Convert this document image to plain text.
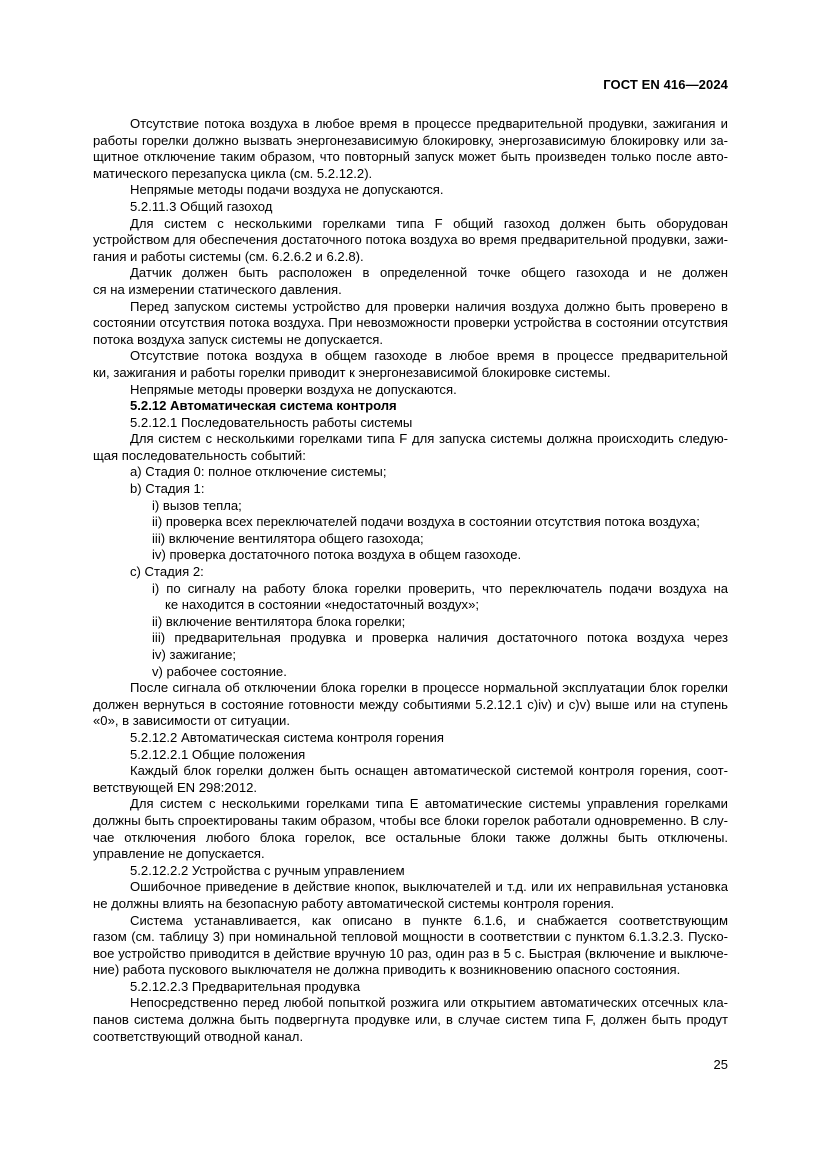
ГОСТ EN 416—2024
Отсутствие потока воздуха в любое время в процессе предварительной продувки, зажигания и
работы горелки должно вызвать энергонезависимую блокировку, энергозависимую блокировку или за-
щитное отключение таким образом, что повторный запуск может быть произведен только после авто-
матического перезапуска цикла (см. 5.2.12.2).
Непрямые методы подачи воздуха не допускаются.
5.2.11.3 Общий газоход
Для систем с несколькими горелками типа F общий газоход должен быть оборудован
устройством для обеспечения достаточного потока воздуха во время предварительной продувки, зажи-
гания и работы системы (см. 6.2.6.2 и 6.2.8).
Датчик должен быть расположен в определенной точке общего газохода и не должен
ся на измерении статического давления.
Перед запуском системы устройство для проверки наличия воздуха должно быть проверено в
состоянии отсутствия потока воздуха. При невозможности проверки устройства в состоянии отсутствия
потока воздуха запуск системы не допускается.
Отсутствие потока воздуха в общем газоходе в любое время в процессе предварительной
ки, зажигания и работы горелки приводит к энергонезависимой блокировке системы.
Непрямые методы проверки воздуха не допускаются.
5.2.12 Автоматическая система контроля
5.2.12.1 Последовательность работы системы
Для систем с несколькими горелками типа F для запуска системы должна происходить следую-
щая последовательность событий:
a) Стадия 0: полное отключение системы;
b) Стадия 1:
i) вызов тепла;
ii) проверка всех переключателей подачи воздуха в состоянии отсутствия потока воздуха;
iii) включение вентилятора общего газохода;
iv) проверка достаточного потока воздуха в общем газоходе.
c) Стадия 2:
i) по сигналу на работу блока горелки проверить, что переключатель подачи воздуха на
ке находится в состоянии «недостаточный воздух»;
ii) включение вентилятора блока горелки;
iii) предварительная продувка и проверка наличия достаточного потока воздуха через
iv) зажигание;
v) рабочее состояние.
После сигнала об отключении блока горелки в процессе нормальной эксплуатации блок горелки
должен вернуться в состояние готовности между событиями 5.2.12.1 c)iv) и c)v) выше или на ступень
«0», в зависимости от ситуации.
5.2.12.2 Автоматическая система контроля горения
5.2.12.2.1 Общие положения
Каждый блок горелки должен быть оснащен автоматической системой контроля горения, соот-
ветствующей EN 298:2012.
Для систем с несколькими горелками типа E автоматические системы управления горелками
должны быть спроектированы таким образом, чтобы все блоки горелок работали одновременно. В слу-
чае отключения любого блока горелок, все остальные блоки также должны быть отключены.
управление не допускается.
5.2.12.2.2 Устройства с ручным управлением
Ошибочное приведение в действие кнопок, выключателей и т.д. или их неправильная установка
не должны влиять на безопасную работу автоматической системы контроля горения.
Система устанавливается, как описано в пункте 6.1.6, и снабжается соответствующим
газом (см. таблицу 3) при номинальной тепловой мощности в соответствии с пунктом 6.1.3.2.3. Пуско-
вое устройство приводится в действие вручную 10 раз, один раз в 5 с. Быстрая (включение и выключе-
ние) работа пускового выключателя не должна приводить к возникновению опасного состояния.
5.2.12.2.3 Предварительная продувка
Непосредственно перед любой попыткой розжига или открытием автоматических отсечных кла-
панов система должна быть подвергнута продувке или, в случае систем типа F, должен быть продут
соответствующий отводной канал.
25
